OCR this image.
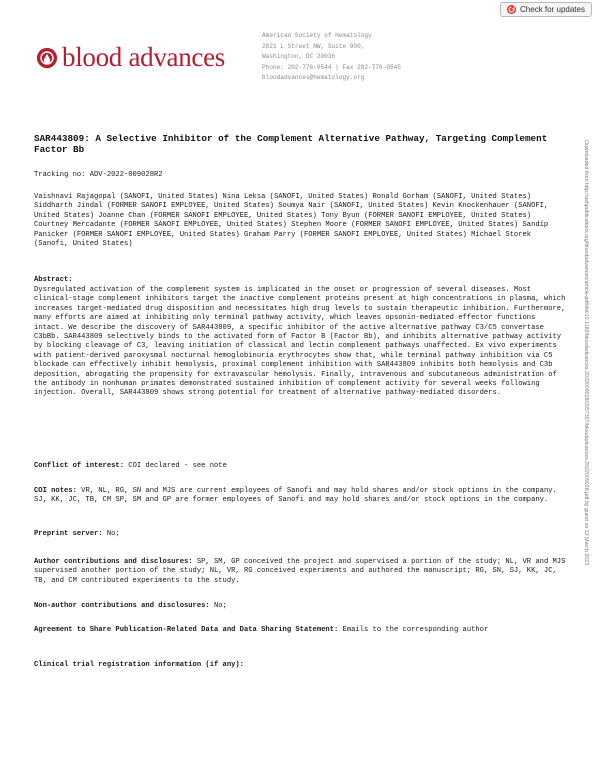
Check for updates
blood advances
American Society of Hematology
2021 L Street NW, Suite 900,
Washington, DC 20036
Phone: 202-776-0544 | Fax 202-776-0545
bloodadvances@hematology.org
SAR443809: A Selective Inhibitor of the Complement Alternative Pathway, Targeting Complement Factor Bb
Tracking no: ADV-2022-009028R2
Vaishnavi Rajagopal (SANOFI, United States) Nina Leksa (SANOFI, United States) Ronald Gorham (SANOFI, United States) Siddharth Jindal (FORMER SANOFI EMPLOYEE, United States) Soumya Nair (SANOFI, United States) Kevin Knockenhauer (SANOFI, United States) Joanne Chan (FORMER SANOFI EMPLOYEE, United States) Tony Byun (FORMER SANOFI EMPLOYEE, United States) Courtney Mercadante (FORMER SANOFI EMPLOYEE, United States) Stephen Moore (FORMER SANOFI EMPLOYEE, United States) Sandip Panicker (FORMER SANOFI EMPLOYEE, United States) Graham Parry (FORMER SANOFI EMPLOYEE, United States) Michael Storek (Sanofi, United States)
Abstract:
Dysregulated activation of the complement system is implicated in the onset or progression of several diseases. Most clinical-stage complement inhibitors target the inactive complement proteins present at high concentrations in plasma, which increases target-mediated drug disposition and necessitates high drug levels to sustain therapeutic inhibition. Furthermore, many efforts are aimed at inhibiting only terminal pathway activity, which leaves opsonin-mediated effector functions intact. We describe the discovery of SAR443809, a specific inhibitor of the active alternative pathway C3/C5 convertase C3bBb. SAR443809 selectively binds to the activated form of Factor B (Factor Bb), and inhibits alternative pathway activity by blocking cleavage of C3, leaving initiation of classical and lectin complement pathways unaffected. Ex vivo experiments with patient-derived paroxysmal nocturnal hemoglobinuria erythrocytes show that, while terminal pathway inhibition via C5 blockade can effectively inhibit hemolysis, proximal complement inhibition with SAR443809 inhibits both hemolysis and C3b deposition, abrogating the propensity for extravascular hemolysis. Finally, intravenous and subcutaneous administration of the antibody in nonhuman primates demonstrated sustained inhibition of complement activity for several weeks following injection. Overall, SAR443809 shows strong potential for treatment of alternative pathway-mediated disorders.
Conflict of interest: COI declared - see note
COI notes: VR, NL, RG, SN and MJS are current employees of Sanofi and may hold shares and/or stock options in the company. SJ, KK, JC, TB, CM SP, SM and GP are former employees of Sanofi and may hold shares and/or stock options in the company.
Preprint server: No;
Author contributions and disclosures: SP, SM, GP conceived the project and supervised a portion of the study; NL, VR and MJS supervised another portion of the study; NL, VR, RG conceived experiments and authored the manuscript; RG, SN, SJ, KK, JC, TB, and CM contributed experiments to the study.
Non-author contributions and disclosures: No;
Agreement to Share Publication-Related Data and Data Sharing Statement: Emails to the corresponding author
Clinical trial registration information (if any):
Downloaded from http://ashpublications.org/bloodadvances/article-pdf/doi/10.1182/bloodadvances.2022009028/2057357/bloodadvances.2022009028.pdf by guest on 12 March 2023
